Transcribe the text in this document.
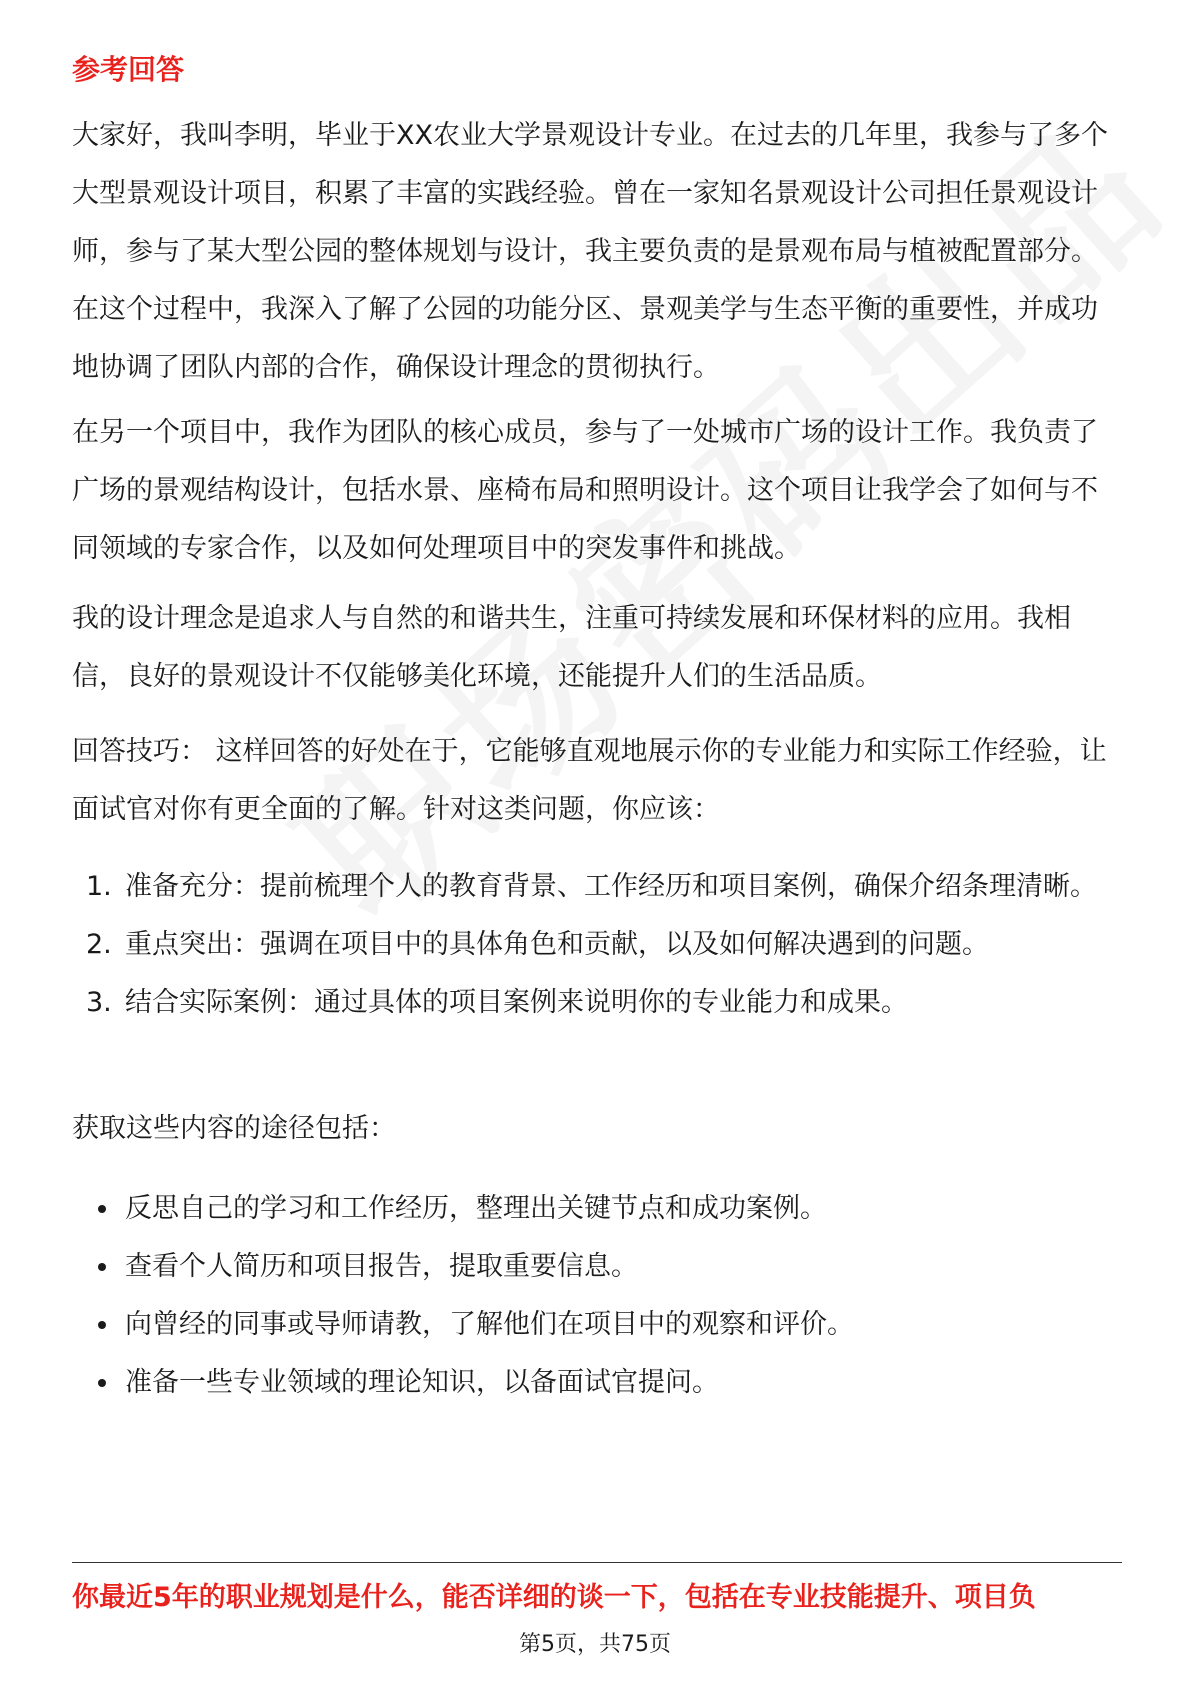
参考回答

大家好，我叫李明，毕业于XX农业大学景观设计专业。在过去的几年里，我参与了多个大型景观设计项目，积累了丰富的实践经验。曾在一家知名景观设计公司担任景观设计师，参与了某大型公园的整体规划与设计，我主要负责的是景观布局与植被配置部分。在这个过程中，我深入了解了公园的功能分区、景观美学与生态平衡的重要性，并成功地协调了团队内部的合作，确保设计理念的贯彻执行。

在另一个项目中，我作为团队的核心成员，参与了一处城市广场的设计工作。我负责了广场的景观结构设计，包括水景、座椅布局和照明设计。这个项目让我学会了如何与不同领域的专家合作，以及如何处理项目中的突发事件和挑战。

我的设计理念是追求人与自然的和谐共生，注重可持续发展和环保材料的应用。我相信，良好的景观设计不仅能够美化环境，还能提升人们的生活品质。

回答技巧： 这样回答的好处在于，它能够直观地展示你的专业能力和实际工作经验，让面试官对你有更全面的了解。针对这类问题，你应该：

1. 准备充分：提前梳理个人的教育背景、工作经历和项目案例，确保介绍条理清晰。
2. 重点突出：强调在项目中的具体角色和贡献，以及如何解决遇到的问题。
3. 结合实际案例：通过具体的项目案例来说明你的专业能力和成果。

获取这些内容的途径包括：

反思自己的学习和工作经历，整理出关键节点和成功案例。
查看个人简历和项目报告，提取重要信息。
向曾经的同事或导师请教，了解他们在项目中的观察和评价。
准备一些专业领域的理论知识，以备面试官提问。
你最近5年的职业规划是什么，能否详细的谈一下，包括在专业技能提升、项目负
第5页，共75页
